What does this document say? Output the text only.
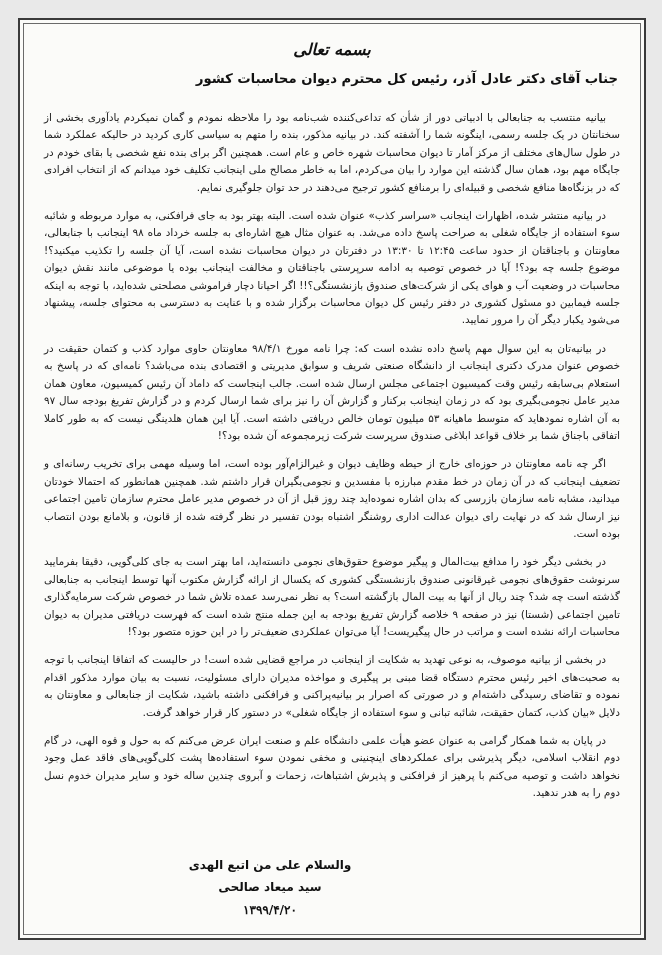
بسمه تعالی
جناب آقای دکتر عادل آذر، رئیس کل محترم دیوان محاسبات کشور

بیانیه منتسب به جنابعالی با ادبیاتی دور از شأن که تداعی‌کننده شب‌نامه بود را ملاحظه نمودم و گمان نمیکردم یادآوری بخشی از سخنانتان در یک جلسه رسمی، اینگونه شما را آشفته کند. در بیانیه مذکور، بنده را متهم به سیاسی کاری کردید در حالیکه عملکرد شما در طول سال‌های مختلف از مرکز آمار تا دیوان محاسبات شهره خاص و عام است. همچنین اگر برای بنده نفع شخصی یا بقای خودم در جایگاه مهم بود، همان سال گذشته این موارد را بیان می‌کردم، اما به خاطر مصالح ملی اینجانب تکلیف خود میدانم که از انتخاب افرادی که در بزنگاه‌ها منافع شخصی و قبیله‌ای را برمنافع کشور ترجیح می‌دهند در حد توان جلوگیری نمایم.

در بیانیه منتشر شده، اظهارات اینجانب «سراسر کذب» عنوان شده است. البته بهتر بود به جای فرافکنی، به موارد مربوطه و شائبه سوء استفاده از جایگاه شغلی به صراحت پاسخ داده می‌شد. به عنوان مثال هیچ اشاره‌ای به جلسه خرداد ماه ۹۸ اینجانب با جنابعالی، معاونتان و باجناقتان از حدود ساعت ۱۲:۴۵ تا ۱۳:۳۰ در دفترتان در دیوان محاسبات نشده است، آیا آن جلسه را تکذیب میکنید؟! موضوع جلسه چه بود؟! آیا در خصوص توصیه به ادامه سرپرستی باجناقتان و مخالفت اینجانب بوده یا موضوعی مانند نقش دیوان محاسبات در وضعیت آب و هوای یکی از شرکت‌های صندوق بازنشستگی؟!! اگر احیانا دچار فراموشی مصلحتی شده‌اید، با توجه به اینکه جلسه فیمابین دو مسئول کشوری در دفتر رئیس کل دیوان محاسبات برگزار شده و با عنایت به دسترسی به محتوای جلسه، پیشنهاد می‌شود یکبار دیگر آن را مرور نمایید.

در بیانیه‌تان به این سوال مهم پاسخ داده نشده است که: چرا نامه مورخ ۹۸/۴/۱ معاونتان حاوی موارد کذب و کتمان حقیقت در خصوص عنوان مدرک دکتری اینجانب از دانشگاه صنعتی شریف و سوابق مدیریتی و اقتصادی بنده می‌باشد؟ نامه‌ای که در پاسخ به استعلام بی‌سابقه رئیس وقت کمیسیون اجتماعی مجلس ارسال شده است. جالب اینجاست که داماد آن رئیس کمیسیون، معاون همان مدیر عامل نجومی‌بگیری بود که در زمان اینجانب برکنار و گزارش آن را نیز برای شما ارسال کردم و در گزارش تفریغ بودجه سال ۹۷ به آن اشاره نمودهاید که متوسط ماهیانه ۵۳ میلیون تومان خالص دریافتی داشته است. آیا این همان هلدینگی نیست که به طور کاملا اتفاقی باجناق شما بر خلاف قواعد ابلاغی صندوق سرپرست شرکت زیرمجموعه آن شده بود؟!

اگر چه نامه معاونتان در حوزه‌ای خارج از حیطه وظایف دیوان و غیرالزام‌آور بوده است، اما وسیله مهمی برای تخریب رسانه‌ای و تضعیف اینجانب که در آن زمان در خط مقدم مبارزه با مفسدین و نجومی‌بگیران قرار داشتم شد. همچنین همانطور که احتمالا خودتان میدانید، مشابه نامه سازمان بازرسی که بدان اشاره نموده‌اید چند روز قبل از آن در خصوص مدیر عامل محترم سازمان تامین اجتماعی نیز ارسال شد که در نهایت رای دیوان عدالت اداری روشنگر اشتباه بودن تفسیر در نظر گرفته شده از قانون، و بلامانع بودن انتصاب بوده است.

در بخشی دیگر خود را مدافع بیت‌المال و پیگیر موضوع حقوق‌های نجومی دانسته‌اید، اما بهتر است به جای کلی‌گویی، دقیقا بفرمایید سرنوشت حقوق‌های نجومی غیرقانونی صندوق بازنشستگی کشوری که یکسال از ارائه گزارش مکتوب آنها توسط اینجانب به جنابعالی گذشته است چه شد؟ چند ریال از آنها به بیت المال بازگشته است؟ به نظر نمی‌رسد عمده تلاش شما در خصوص شرکت سرمایه‌گذاری تامین اجتماعی (شستا) نیز در صفحه ۹ خلاصه گزارش تفریغ بودجه به این جمله منتج شده است که فهرست دریافتی مدیران به دیوان محاسبات ارائه نشده است و مراتب در حال پیگیریست! آیا می‌توان عملکردی ضعیف‌تر را در این حوزه متصور بود؟!

در بخشی از بیانیه موصوف، به نوعی تهدید به شکایت از اینجانب در مراجع قضایی شده است! در حالیست که اتفاقا اینجانب با توجه به صحبت‌های اخیر رئیس محترم دستگاه قضا مبنی بر پیگیری و مواخذه مدیران دارای مسئولیت، نسبت به بیان موارد مذکور اقدام نموده و تقاضای رسیدگی داشته‌ام و در صورتی که اصرار بر بیانیه‌پراکنی و فرافکنی داشته باشید، شکایت از جنابعالی و معاونتان به دلایل «بیان کذب، کتمان حقیقت، شائبه تبانی و سوء استفاده از جایگاه شغلی» در دستور کار قرار خواهد گرفت.

در پایان به شما همکار گرامی به عنوان عضو هیأت علمی دانشگاه علم و صنعت ایران عرض می‌کنم که به حول و قوه الهی، در گام دوم انقلاب اسلامی، دیگر پذیرشی برای عملکردهای اینچنینی و مخفی نمودن سوء استفاده‌ها پشت کلی‌گویی‌های فاقد عمل وجود نخواهد داشت و توصیه می‌کنم با پرهیز از فرافکنی و پذیرش اشتباهات، زحمات و آبروی چندین ساله خود و سایر مدیران خدوم نسل دوم را به هدر ندهید.

والسلام علی من اتبع الهدی
سید میعاد صالحی
۱۳۹۹/۴/۲۰
